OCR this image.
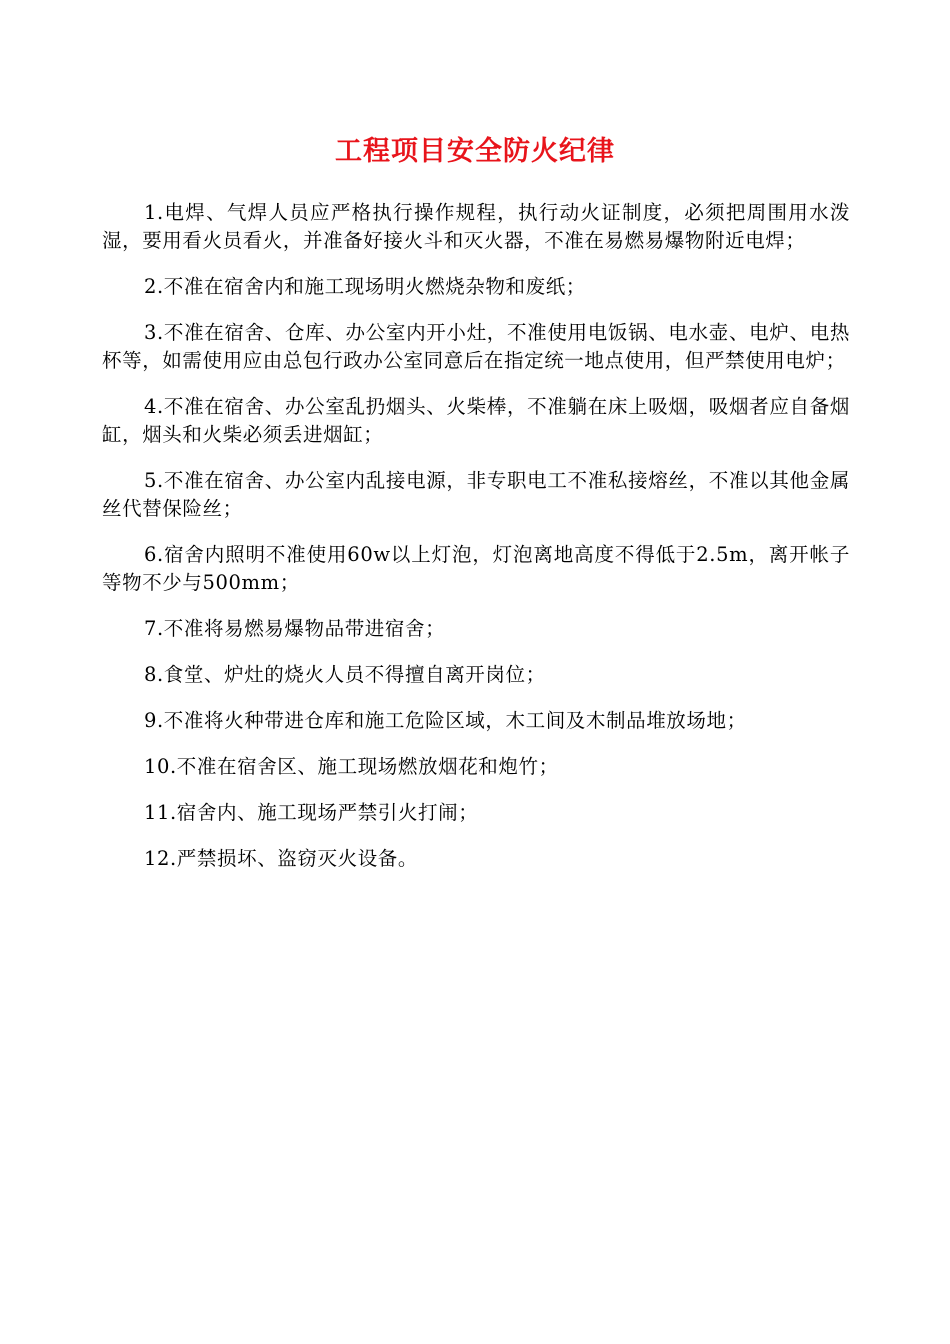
工程项目安全防火纪律

1.电焊、气焊人员应严格执行操作规程，执行动火证制度，必须把周围用水泼湿，要用看火员看火，并准备好接火斗和灭火器，不准在易燃易爆物附近电焊；

2.不准在宿舍内和施工现场明火燃烧杂物和废纸；

3.不准在宿舍、仓库、办公室内开小灶，不准使用电饭锅、电水壶、电炉、电热杯等，如需使用应由总包行政办公室同意后在指定统一地点使用，但严禁使用电炉；

4.不准在宿舍、办公室乱扔烟头、火柴棒，不准躺在床上吸烟，吸烟者应自备烟缸，烟头和火柴必须丢进烟缸；

5.不准在宿舍、办公室内乱接电源，非专职电工不准私接熔丝，不准以其他金属丝代替保险丝；

6.宿舍内照明不准使用60w以上灯泡，灯泡离地高度不得低于2.5m，离开帐子等物不少与500mm；

7.不准将易燃易爆物品带进宿舍；

8.食堂、炉灶的烧火人员不得擅自离开岗位；

9.不准将火种带进仓库和施工危险区域，木工间及木制品堆放场地；

10.不准在宿舍区、施工现场燃放烟花和炮竹；

11.宿舍内、施工现场严禁引火打闹；

12.严禁损坏、盗窃灭火设备。
